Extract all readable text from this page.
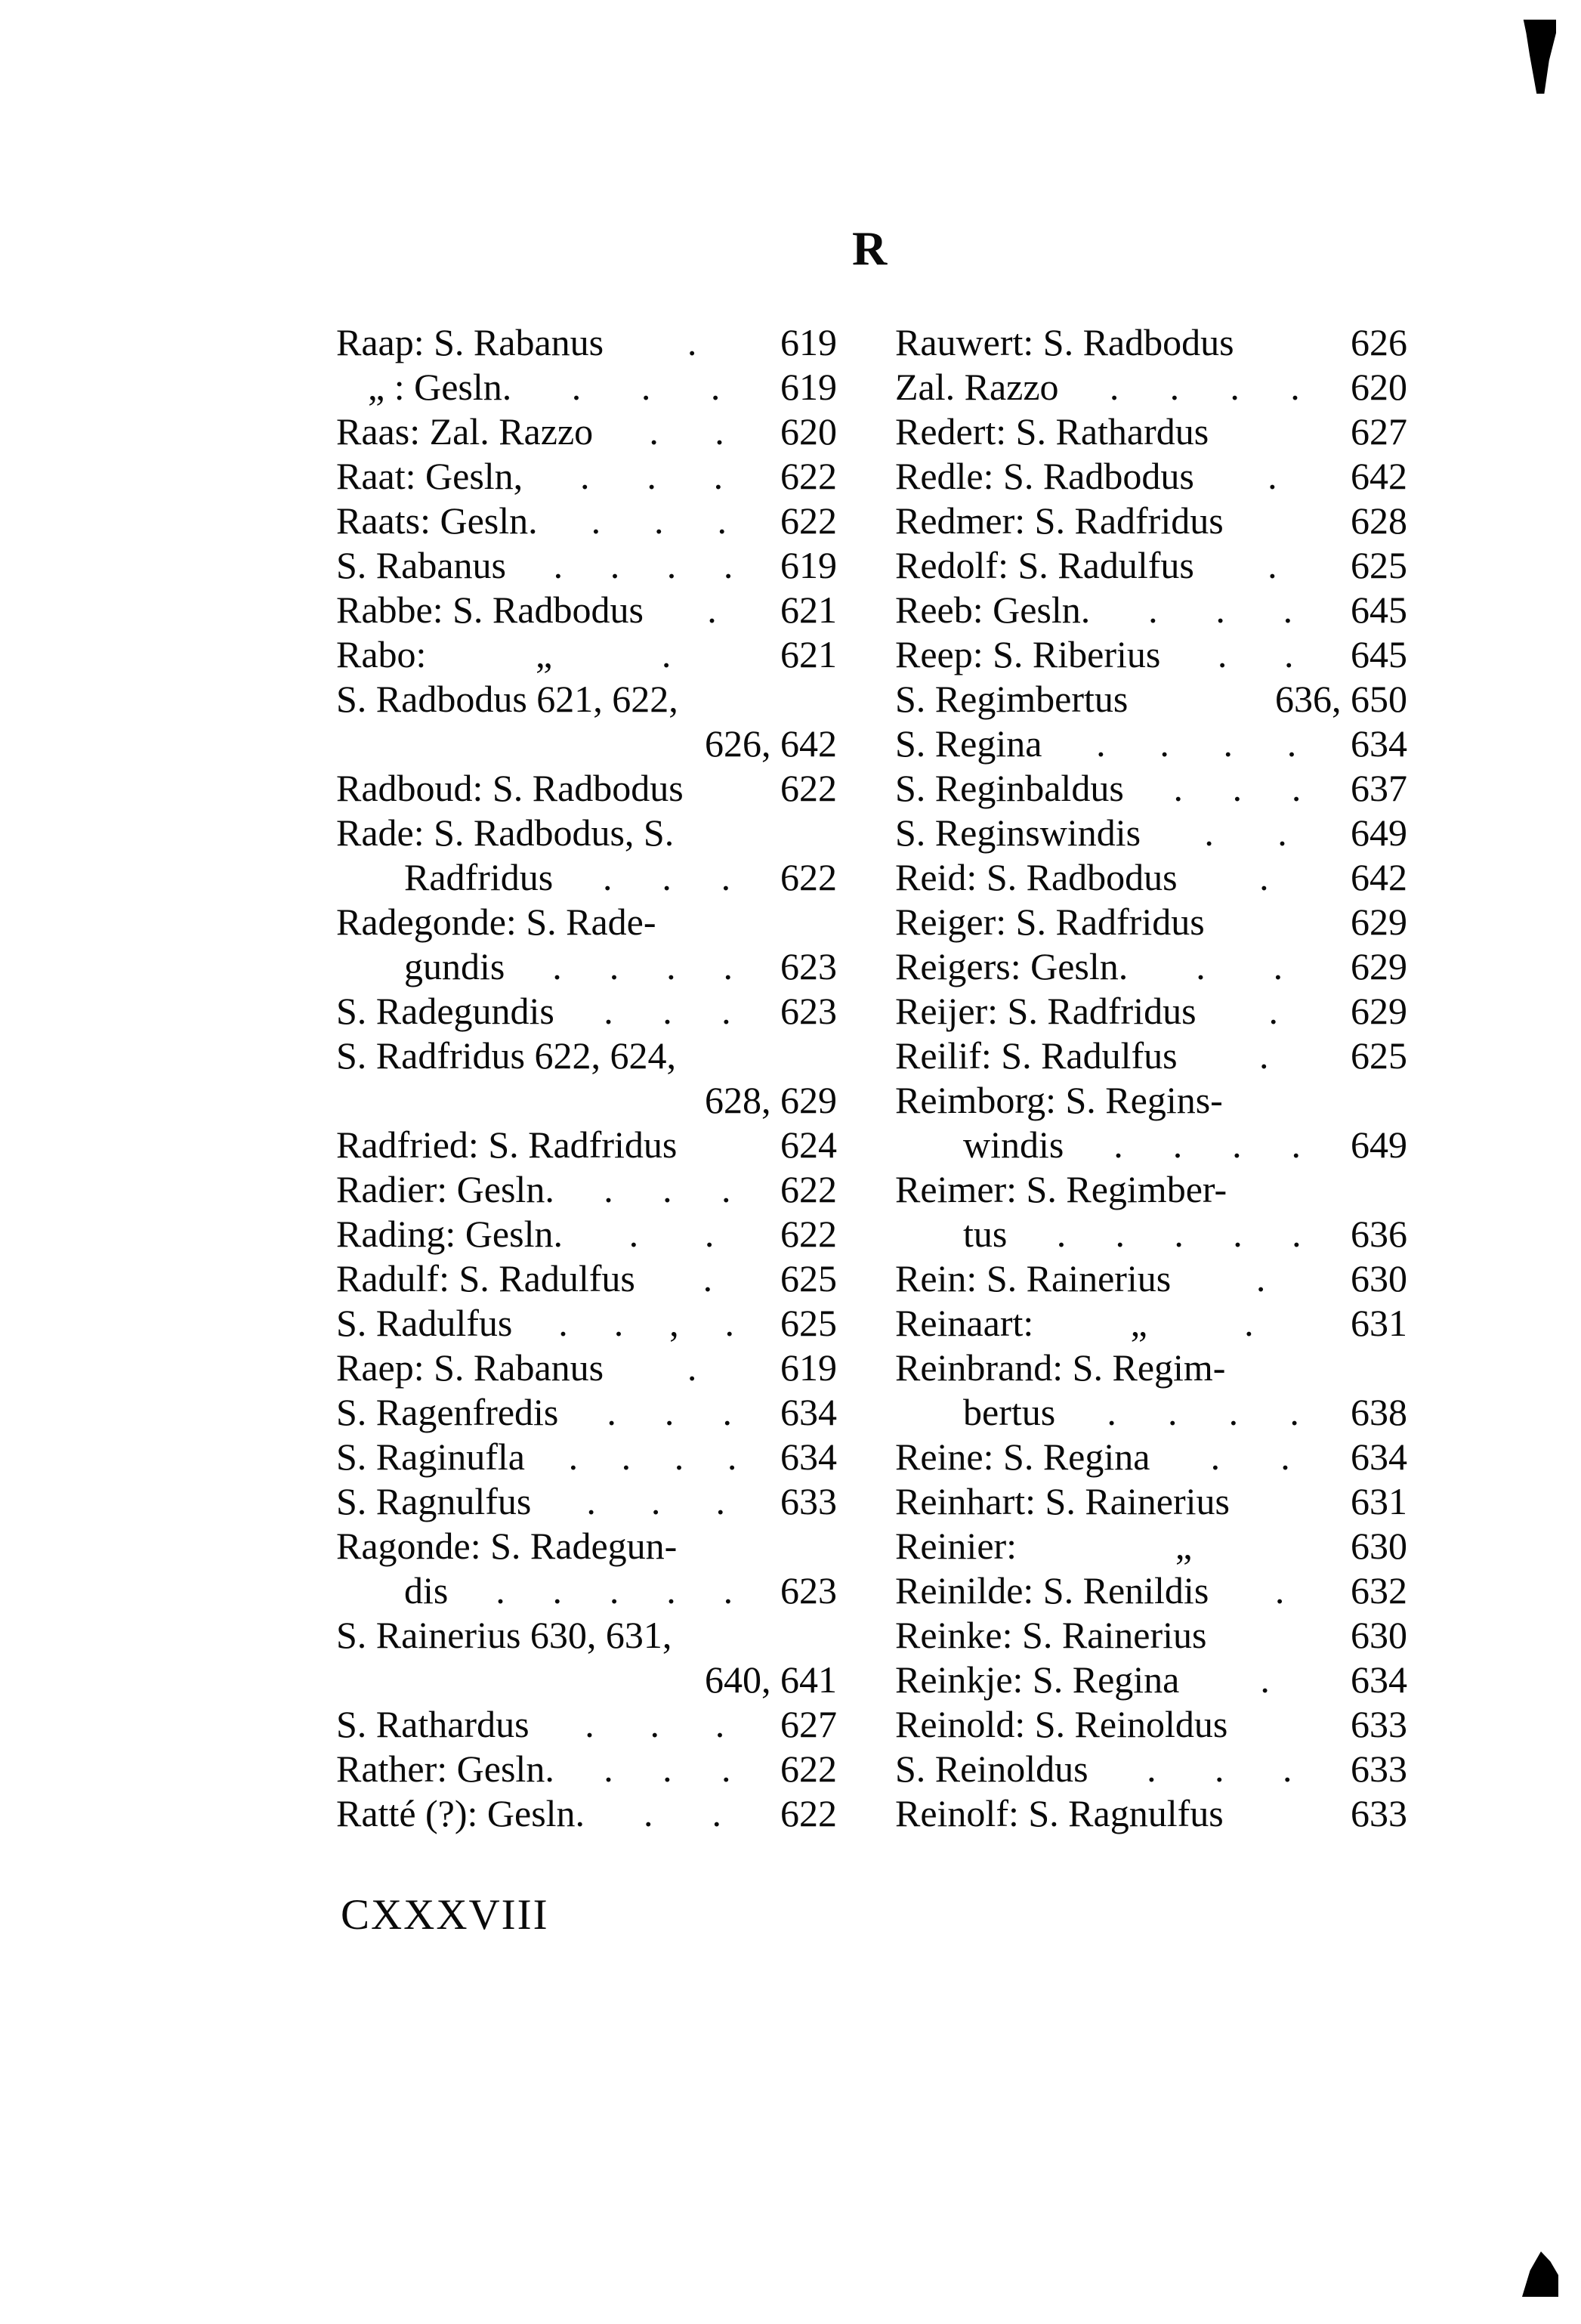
R
Raap: S. Rabanus . 619
„ : Gesln. . . . 619
Raas: Zal. Razzo . . 620
Raat: Gesln, . . . 622
Raats: Gesln. . . . 622
S. Rabanus . . . . 619
Rabbe: S. Radbodus . 621
Rabo:	„	.	621
S. Radbodus 621, 622,
626, 642
Radboud: S. Radbodus	622
Rade: S. Radbodus, S.
Radfridus . . . 622
Radegonde: S. Rade-
gundis . . . . 623
S. Radegundis . . . 623
S. Radfridus 622, 624,
628, 629
Radfried: S. Radfridus	624
Radier: Gesln. . . . 622
Rading: Gesln. . . 622
Radulf: S. Radulfus . 625
S. Radulfus . . , . 625
Raep: S. Rabanus . 619
S. Ragenfredis . . . 634
S. Raginufla . . . . 634
S. Ragnulfus . . . 633
Ragonde: S. Radegun-
dis . . . . . 623
S. Rainerius 630, 631,
640, 641
S. Rathardus . . . 627
Rather: Gesln. . . . 622
Ratté (?): Gesln. . . 622
Rauwert: S. Radbodus	626
Zal. Razzo . . . . 620
Redert: S. Rathardus	627
Redle: S. Radbodus . 642
Redmer: S. Radfridus	628
Redolf: S. Radulfus . 625
Reeb: Gesln. . . . 645
Reep: S. Riberius . . 645
S. Regimbertus	636, 650
S. Regina . . . . 634
S. Reginbaldus . . . 637
S. Reginswindis . . 649
Reid: S. Radbodus . 642
Reiger: S. Radfridus	629
Reigers: Gesln. . . 629
Reijer: S. Radfridus . 629
Reilif: S. Radulfus . 625
Reimborg: S. Regins-
windis . . . . 649
Reimer: S. Regimber-
tus . . . . . 636
Rein: S. Rainerius . 630
Reinaart:	„	.	631
Reinbrand: S. Regim-
bertus . . . . 638
Reine: S. Regina . . 634
Reinhart: S. Rainerius	631
Reinier:	„	630
Reinilde: S. Renildis . 632
Reinke: S. Rainerius	630
Reinkje: S. Regina . 634
Reinold: S. Reinoldus	633
S. Reinoldus . . . 633
Reinolf: S. Ragnulfus	633
CXXXVIII
